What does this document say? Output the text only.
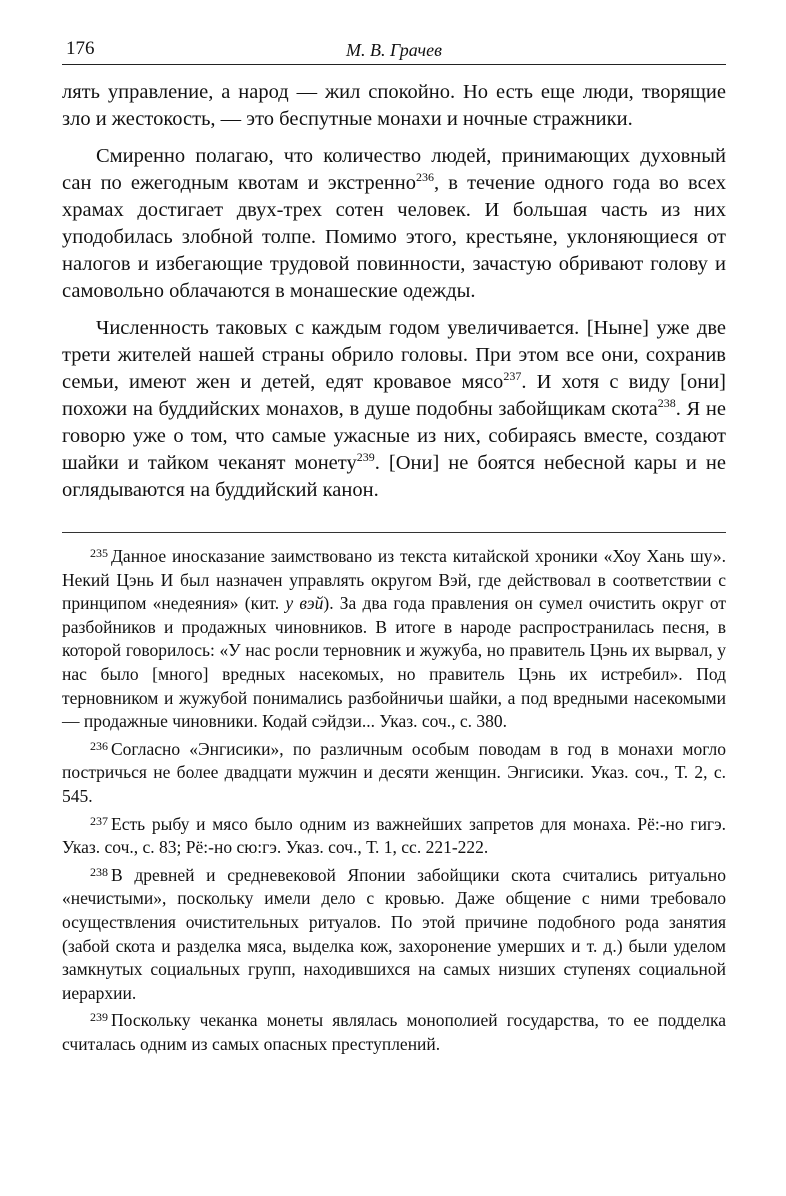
176	М. В. Грачев

лять управление, а народ — жил спокойно. Но есть еще люди, творящие зло и жестокость, — это беспутные монахи и ночные стражники.

Смиренно полагаю, что количество людей, принимающих духовный сан по ежегодным квотам и экстренно$^{236}$, в течение одного года во всех храмах достигает двух-трех сотен человек. И большая часть из них уподобилась злобной толпе. Помимо этого, крестьяне, уклоняющиеся от налогов и избегающие трудовой повинности, зачастую обривают голову и самовольно облачаются в монашеские одежды.

Численность таковых с каждым годом увеличивается. [Ныне] уже две трети жителей нашей страны обрило головы. При этом все они, сохранив семьи, имеют жен и детей, едят кровавое мясо$^{237}$. И хотя с виду [они] похожи на буддийских монахов, в душе подобны забойщикам скота$^{238}$. Я не говорю уже о том, что самые ужасные из них, собираясь вместе, создают шайки и тайком чеканят монету$^{239}$. [Они] не боятся небесной кары и не оглядываются на буддийский канон.

$^{235}$ Данное иносказание заимствовано из текста китайской хроники «Хоу Хань шу». Некий Цэнь И был назначен управлять округом Вэй, где действовал в соответствии с принципом «недеяния» (кит. у вэй). За два года правления он сумел очистить округ от разбойников и продажных чиновников. В итоге в народе распространилась песня, в которой говорилось: «У нас росли терновник и жужуба, но правитель Цэнь их вырвал, у нас было [много] вредных насекомых, но правитель Цэнь их истребил». Под терновником и жужубой понимались разбойничьи шайки, а под вредными насекомыми — продажные чиновники. Кодай сэйдзи... Указ. соч., с. 380.

$^{236}$ Согласно «Энгисики», по различным особым поводам в год в монахи могло постричься не более двадцати мужчин и десяти женщин. Энгисики. Указ. соч., Т. 2, с. 545.

$^{237}$ Есть рыбу и мясо было одним из важнейших запретов для монаха. Рё:-но гигэ. Указ. соч., с. 83; Рё:-но сю:гэ. Указ. соч., Т. 1, сс. 221-222.

$^{238}$ В древней и средневековой Японии забойщики скота считались ритуально «нечистыми», поскольку имели дело с кровью. Даже общение с ними требовало осуществления очистительных ритуалов. По этой причине подобного рода занятия (забой скота и разделка мяса, выделка кож, захоронение умерших и т. д.) были уделом замкнутых социальных групп, находившихся на самых низших ступенях социальной иерархии.

$^{239}$ Поскольку чеканка монеты являлась монополией государства, то ее подделка считалась одним из самых опасных преступлений.
